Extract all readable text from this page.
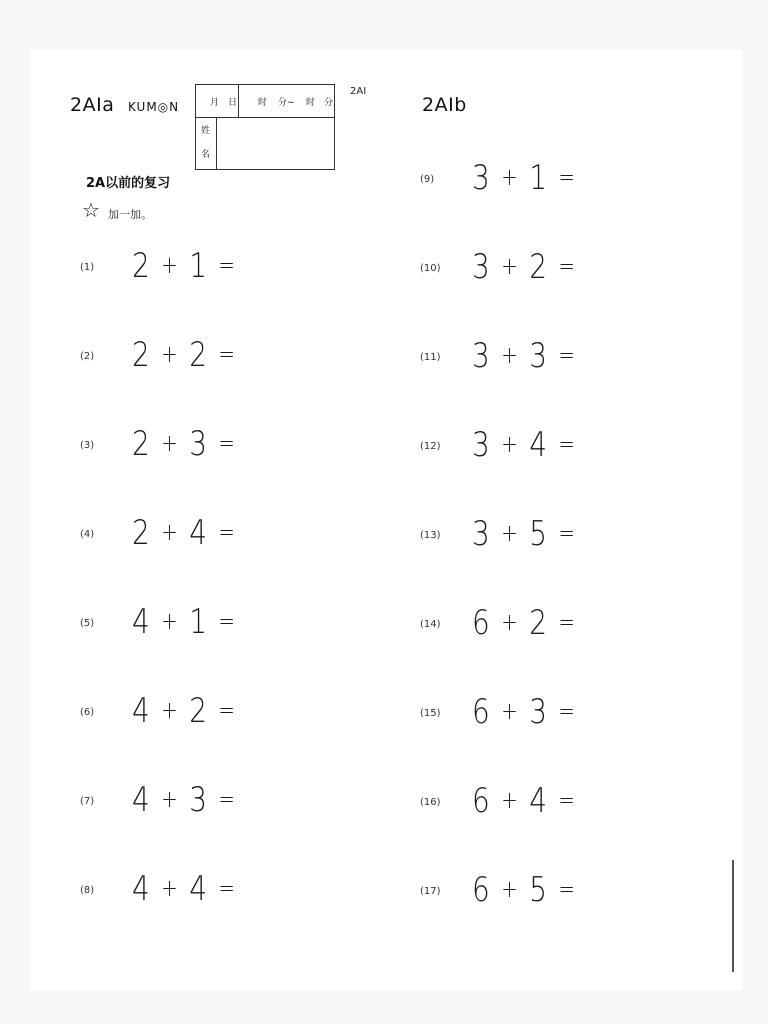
2AIa KUM◎N	月 日 时 分~ 时 分
姓
名
2AI
2AIb
2A以前的复习
☆ 加一加。
(1) 2 + 1 =
(2) 2 + 2 =
(3) 2 + 3 =
(4) 2 + 4 =
(5) 4 + 1 =
(6) 4 + 2 =
(7) 4 + 3 =
(8) 4 + 4 =
(9) 3 + 1 =
(10) 3 + 2 =
(11) 3 + 3 =
(12) 3 + 4 =
(13) 3 + 5 =
(14) 6 + 2 =
(15) 6 + 3 =
(16) 6 + 4 =
(17) 6 + 5 =
